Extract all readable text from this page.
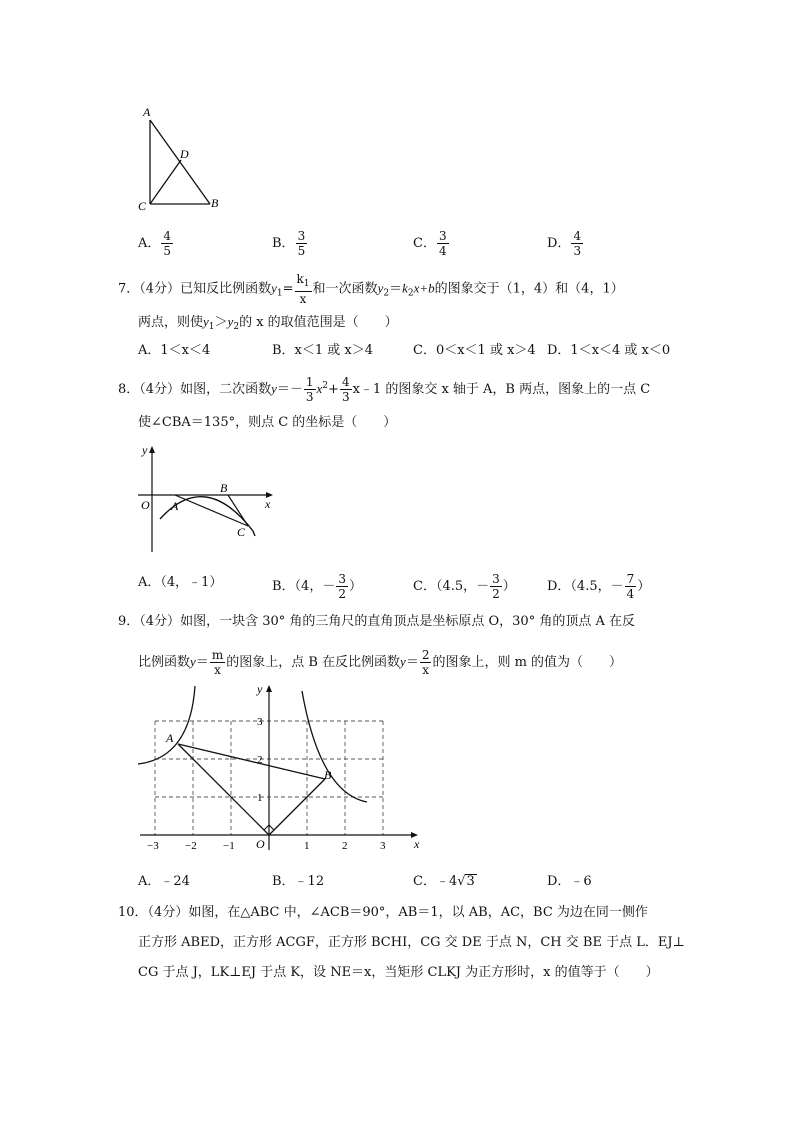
A
D
C	B
A． $\frac{4}{5}$	B． $\frac{3}{5}$	C． $\frac{3}{4}$	D． $\frac{4}{3}$
7．（4分）已知反比例函数$y_1= \frac{k_1}{x}$ 和一次函数$y_2=k_2x+b$的图象交于（1，4）和（4，1）
两点，则使$y_1>y_2$的 x 的取值范围是（　　）
A．1＜x＜4	B．x＜1 或 x＞4	C．0＜x＜1 或 x＞4 D．1＜x＜4 或 x＜0
8．（4分）如图，二次函数$y=- \frac{1}{3} x^2+ \frac{4}{3}$ x﹣1 的图象交 x 轴于 A，B 两点，图象上的一点 C
使∠CBA＝135°，则点 C 的坐标是（　　）
y
x
O A
B
C
A．（4，﹣1）	B．（4，－ $\frac{3}{2}$ ）	C．（4.5，－ $\frac{3}{2}$ ） D．（4.5，－ $\frac{7}{4}$ ）
9．（4分）如图，一块含 30° 角的三角尺的直角顶点是坐标原点 O，30° 角的顶点 A 在反
比例函数$y= \frac{m}{x}$ 的图象上，点 B 在反比例函数$y= \frac{2}{x}$ 的图象上，则 m 的值为（　　）
y
x
O
A
B
−3 −2 −1	1	2	3
1
2
3
A．﹣24	B．﹣12	C．﹣4√3	D．﹣6
10．（4分）如图，在△ABC 中，∠ACB＝90°，AB＝1，以 AB，AC，BC 为边在同一侧作
正方形 ABED，正方形 ACGF，正方形 BCHI，CG 交 DE 于点 N，CH 交 BE 于点 L．EJ⊥
CG 于点 J，LK⊥EJ 于点 K，设 NE＝x，当矩形 CLKJ 为正方形时，x 的值等于（　　）
